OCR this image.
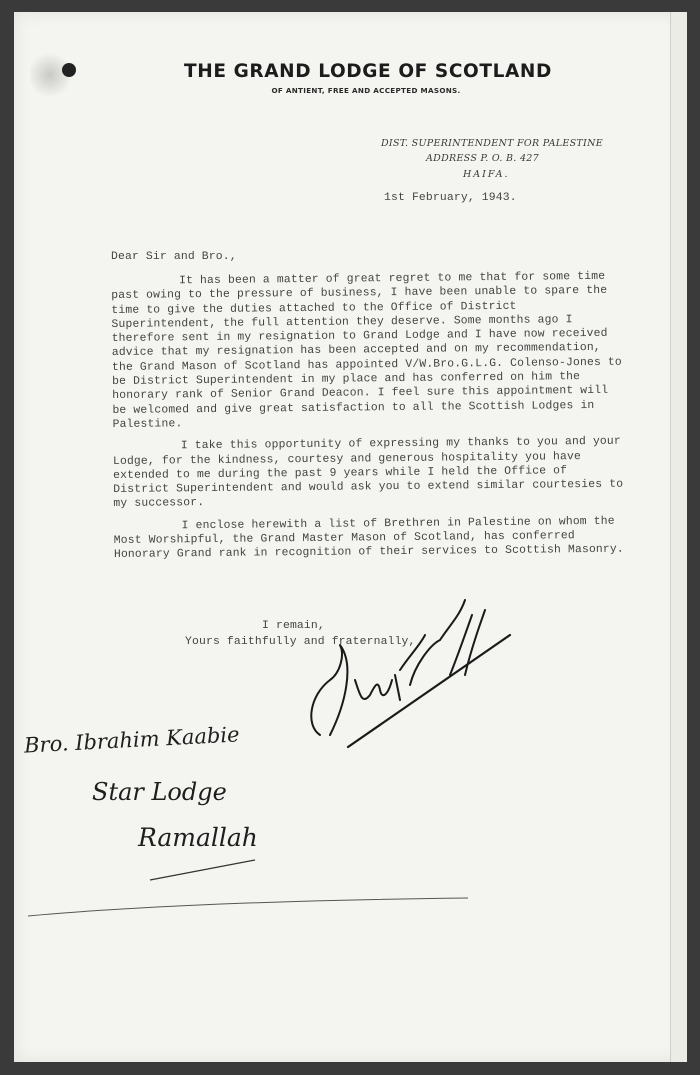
THE GRAND LODGE OF SCOTLAND
OF ANTIENT, FREE AND ACCEPTED MASONS.
DIST. SUPERINTENDENT FOR PALESTINE
ADDRESS P. O. B. 427
HAIFA.
1st February, 1943.
Dear Sir and Bro.,

It has been a matter of great regret to me that for some time past owing to the pressure of business, I have been unable to spare the time to give the duties attached to the Office of District Superintendent, the full attention they deserve. Some months ago I therefore sent in my resignation to Grand Lodge and I have now received advice that my resignation has been accepted and on my recommendation, the Grand Mason of Scotland has appointed V/W.Bro.G.L.G. Colenso-Jones to be District Superintendent in my place and has conferred on him the honorary rank of Senior Grand Deacon. I feel sure this appointment will be welcomed and give great satisfaction to all the Scottish Lodges in Palestine.

I take this opportunity of expressing my thanks to you and your Lodge, for the kindness, courtesy and generous hospitality you have extended to me during the past 9 years while I held the Office of District Superintendent and would ask you to extend similar courtesies to my successor.

I enclose herewith a list of Brethren in Palestine on whom the Most Worshipful, the Grand Master Mason of Scotland, has conferred Honorary Grand rank in recognition of their services to Scottish Masonry.

I remain,
Yours faithfully and fraternally,
Bro. Ibrahim Kaabie
Star Lodge
Ramallah
